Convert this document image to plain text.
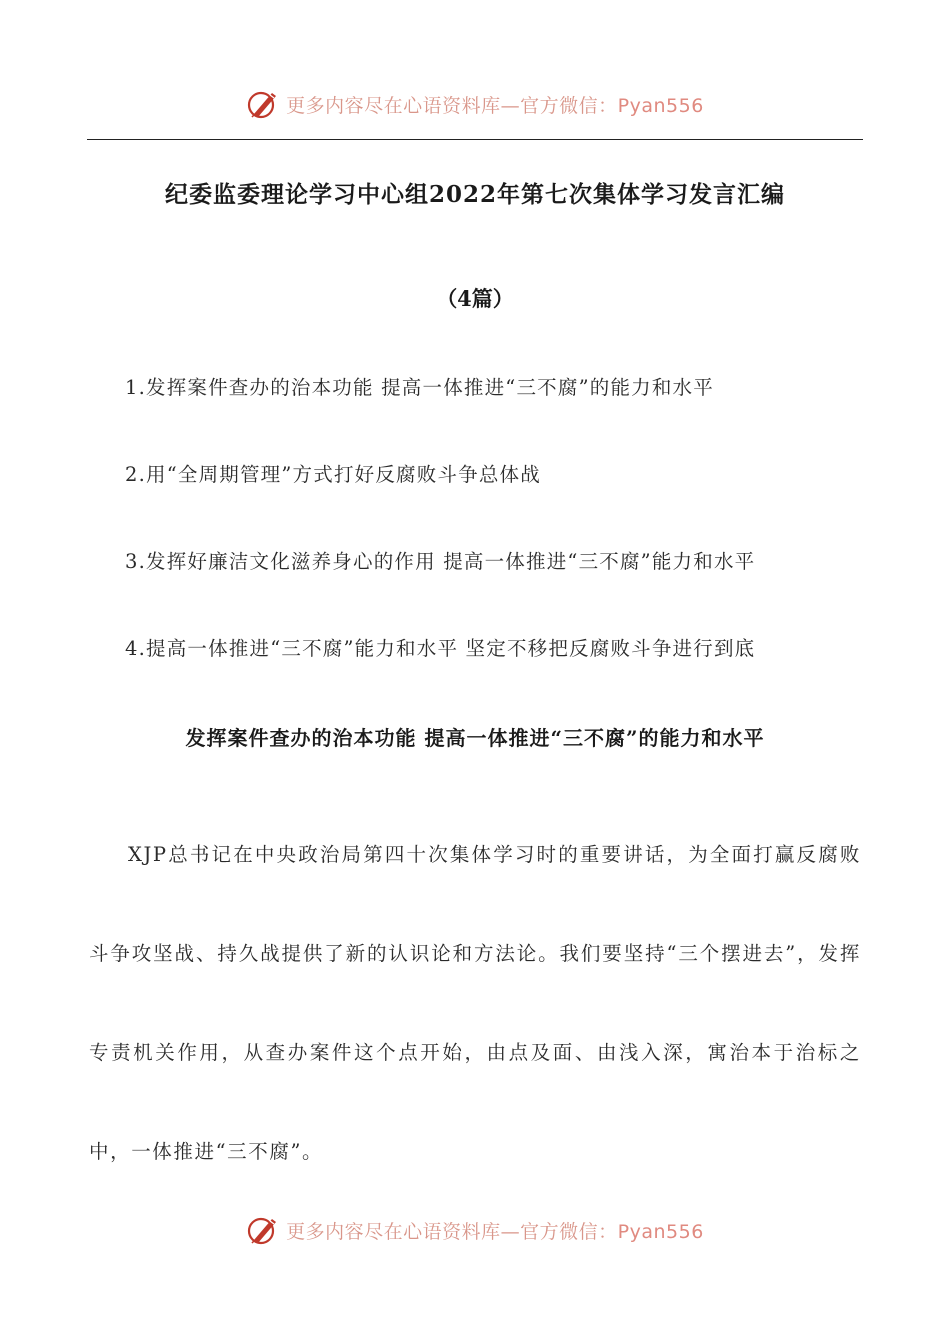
更多内容尽在心语资料库—官方微信：Pyan556
纪委监委理论学习中心组2022年第七次集体学习发言汇编
（4篇）
1.发挥案件查办的治本功能 提高一体推进“三不腐”的能力和水平
2.用“全周期管理”方式打好反腐败斗争总体战
3.发挥好廉洁文化滋养身心的作用 提高一体推进“三不腐”能力和水平
4.提高一体推进“三不腐”能力和水平 坚定不移把反腐败斗争进行到底
发挥案件查办的治本功能 提高一体推进“三不腐”的能力和水平

XJP总书记在中央政治局第四十次集体学习时的重要讲话，为全面打赢反腐败斗争攻坚战、持久战提供了新的认识论和方法论。我们要坚持“三个摆进去”，发挥专责机关作用，从查办案件这个点开始，由点及面、由浅入深，寓治本于治标之中，一体推进“三不腐”。

更多内容尽在心语资料库—官方微信：Pyan556
